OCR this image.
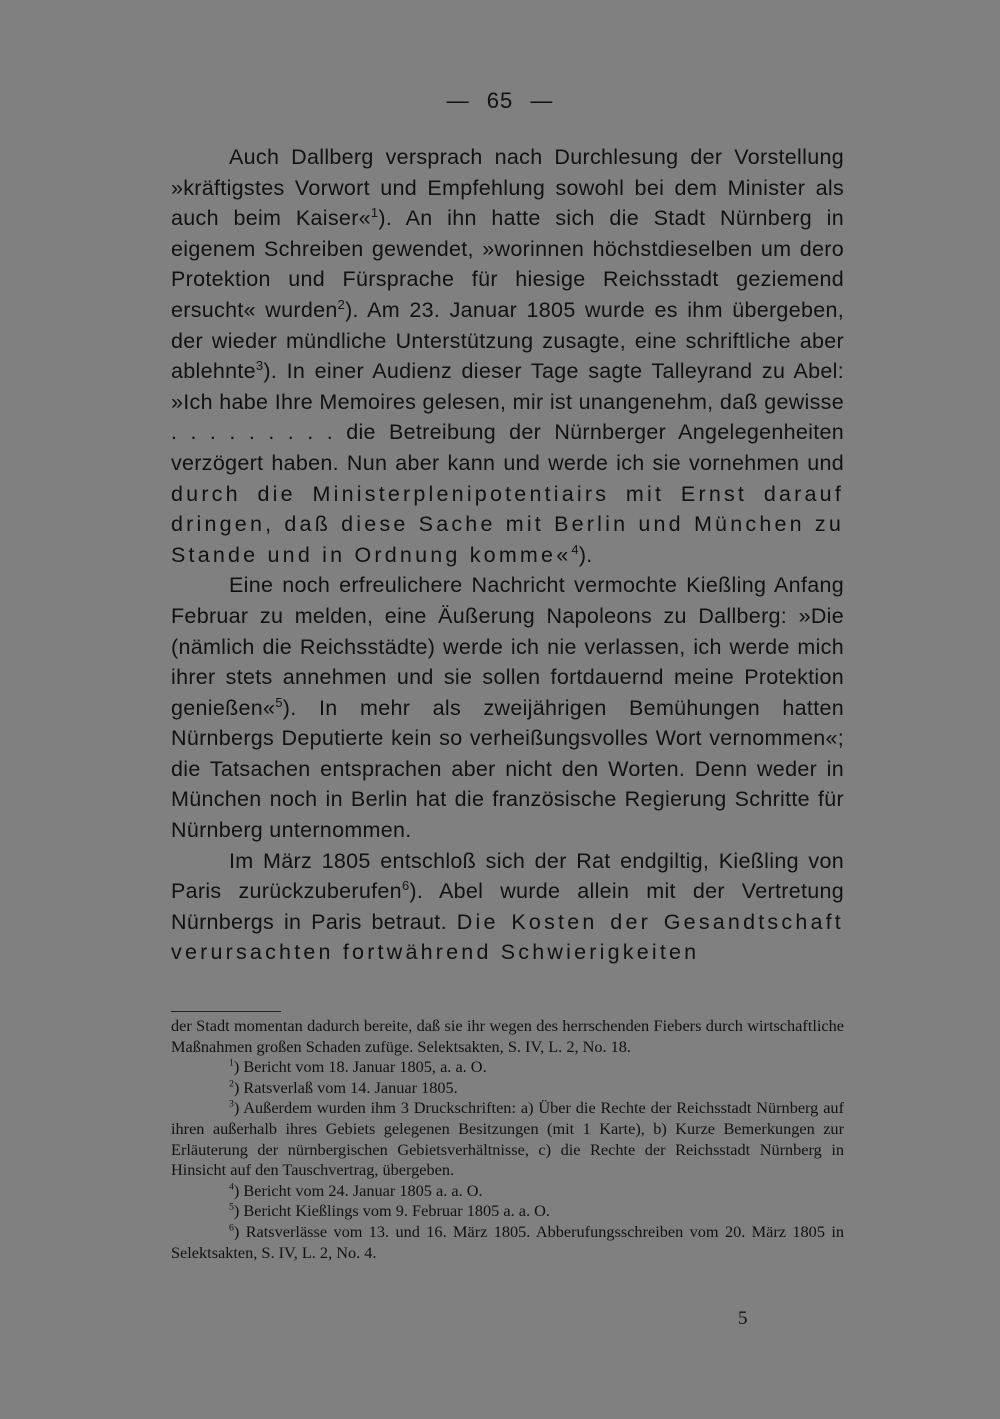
— 65 —

Auch Dallberg versprach nach Durchlesung der Vorstellung »kräftigstes Vorwort und Empfehlung sowohl bei dem Minister als auch beim Kaiser«$^1$). An ihn hatte sich die Stadt Nürnberg in eigenem Schreiben gewendet, »worinnen höchstdieselben um dero Protektion und Fürsprache für hiesige Reichsstadt geziemend ersucht« wurden$^2$). Am 23. Januar 1805 wurde es ihm übergeben, der wieder mündliche Unterstützung zusagte, eine schriftliche aber ablehnte$^3$). In einer Audienz dieser Tage sagte Talleyrand zu Abel: »Ich habe Ihre Memoires gelesen, mir ist unangenehm, daß gewisse . . . . . . . . . die Betreibung der Nürnberger Angelegenheiten verzögert haben. Nun aber kann und werde ich sie vornehmen und durch die Ministerplenipotentiairs mit Ernst darauf dringen, daß diese Sache mit Berlin und München zu Stande und in Ordnung komme«$^4$).

Eine noch erfreulichere Nachricht vermochte Kießling Anfang Februar zu melden, eine Äußerung Napoleons zu Dallberg: »Die (nämlich die Reichsstädte) werde ich nie verlassen, ich werde mich ihrer stets annehmen und sie sollen fortdauernd meine Protektion genießen«$^5$). In mehr als zweijährigen Bemühungen hatten Nürnbergs Deputierte kein so verheißungsvolles Wort vernommen«; die Tatsachen entsprachen aber nicht den Worten. Denn weder in München noch in Berlin hat die französische Regierung Schritte für Nürnberg unternommen.

Im März 1805 entschloß sich der Rat endgiltig, Kießling von Paris zurückzuberufen$^6$). Abel wurde allein mit der Vertretung Nürnbergs in Paris betraut. Die Kosten der Gesandtschaft verursachten fortwährend Schwierigkeiten

der Stadt momentan dadurch bereite, daß sie ihr wegen des herrschenden Fiebers durch wirtschaftliche Maßnahmen großen Schaden zufüge. Selektsakten, S. IV, L. 2, No. 18.

$^1$) Bericht vom 18. Januar 1805, a. a. O.

$^2$) Ratsverlaß vom 14. Januar 1805.

$^3$) Außerdem wurden ihm 3 Druckschriften: a) Über die Rechte der Reichsstadt Nürnberg auf ihren außerhalb ihres Gebiets gelegenen Besitzungen (mit 1 Karte), b) Kurze Bemerkungen zur Erläuterung der nürnbergischen Gebietsverhältnisse, c) die Rechte der Reichsstadt Nürnberg in Hinsicht auf den Tauschvertrag, übergeben.

$^4$) Bericht vom 24. Januar 1805 a. a. O.

$^5$) Bericht Kießlings vom 9. Februar 1805 a. a. O.

$^6$) Ratsverlässe vom 13. und 16. März 1805. Abberufungsschreiben vom 20. März 1805 in Selektsakten, S. IV, L. 2, No. 4.

5
